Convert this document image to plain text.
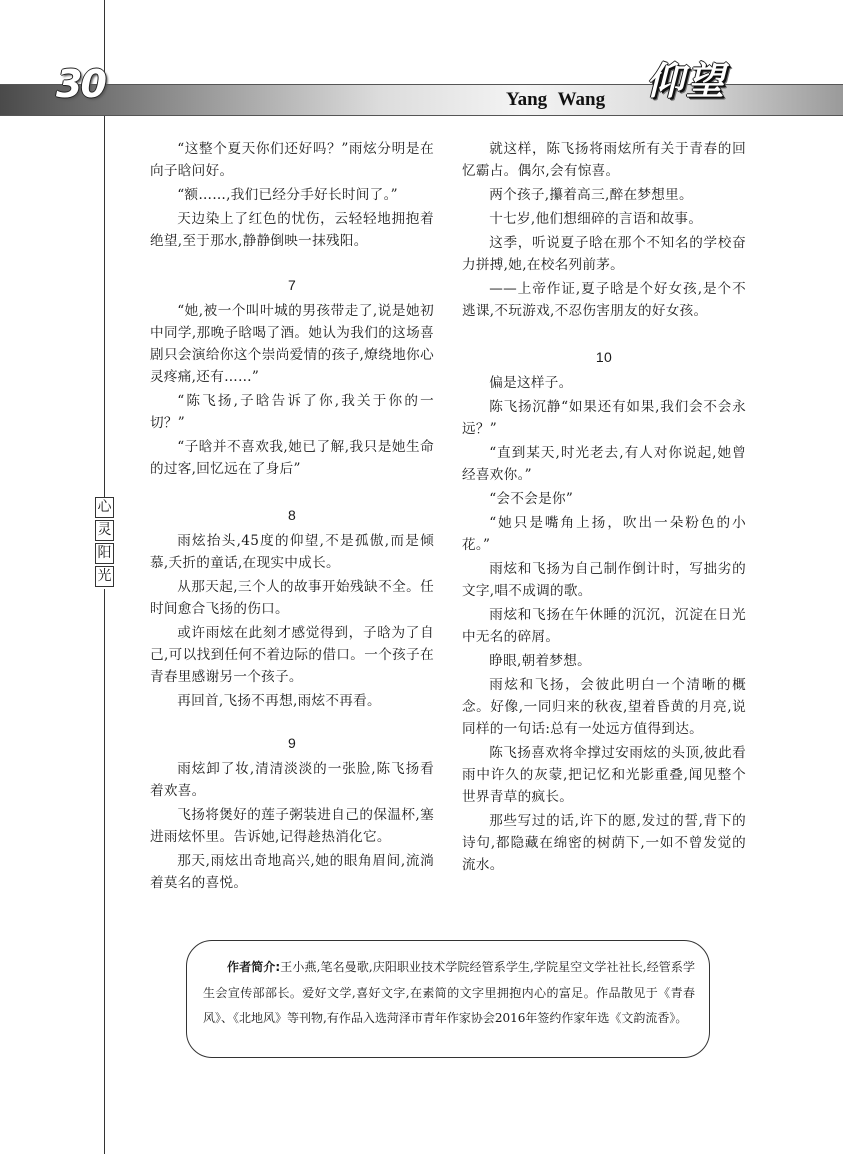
30	Yang Wang 仰望
心
灵
阳
光

“这整个夏天你们还好吗？”雨炫分明是在向子晗问好。

“额……,我们已经分手好长时间了。”

天边染上了红色的忧伤，云轻轻地拥抱着绝望,至于那水,静静倒映一抹残阳。

7

“她,被一个叫叶城的男孩带走了,说是她初中同学,那晚子晗喝了酒。她认为我们的这场喜剧只会演给你这个崇尚爱情的孩子,燎绕地你心灵疼痛,还有……”

“陈飞扬,子晗告诉了你,我关于你的一切？”

“子晗并不喜欢我,她已了解,我只是她生命的过客,回忆远在了身后”

8

雨炫抬头,45度的仰望,不是孤傲,而是倾慕,夭折的童话,在现实中成长。

从那天起,三个人的故事开始残缺不全。任时间愈合飞扬的伤口。

或许雨炫在此刻才感觉得到，子晗为了自己,可以找到任何不着边际的借口。一个孩子在青春里感谢另一个孩子。

再回首,飞扬不再想,雨炫不再看。

9

雨炫卸了妆,清清淡淡的一张脸,陈飞扬看着欢喜。

飞扬将煲好的莲子粥装进自己的保温杯,塞进雨炫怀里。告诉她,记得趁热消化它。

那天,雨炫出奇地高兴,她的眼角眉间,流淌着莫名的喜悦。

就这样，陈飞扬将雨炫所有关于青春的回忆霸占。偶尔,会有惊喜。

两个孩子,攥着高三,醉在梦想里。

十七岁,他们想细碎的言语和故事。

这季，听说夏子晗在那个不知名的学校奋力拼搏,她,在校名列前茅。

——上帝作证,夏子晗是个好女孩,是个不逃课,不玩游戏,不忍伤害朋友的好女孩。

10

偏是这样子。

陈飞扬沉静“如果还有如果,我们会不会永远？”

“直到某天,时光老去,有人对你说起,她曾经喜欢你。”

“会不会是你”

“她只是嘴角上扬，吹出一朵粉色的小花。”

雨炫和飞扬为自己制作倒计时，写拙劣的文字,唱不成调的歌。

雨炫和飞扬在午休睡的沉沉，沉淀在日光中无名的碎屑。

睁眼,朝着梦想。

雨炫和飞扬，会彼此明白一个清晰的概念。好像,一同归来的秋夜,望着昏黄的月亮,说同样的一句话:总有一处远方值得到达。

陈飞扬喜欢将伞撑过安雨炫的头顶,彼此看雨中许久的灰蒙,把记忆和光影重叠,闻见整个世界青草的疯长。

那些写过的话,许下的愿,发过的誓,背下的诗句,都隐藏在绵密的树荫下,一如不曾发觉的流水。

作者简介:王小燕,笔名曼歌,庆阳职业技术学院经管系学生,学院星空文学社社长,经管系学生会宣传部部长。爱好文学,喜好文字,在素简的文字里拥抱内心的富足。作品散见于《青春风》、《北地风》等刊物,有作品入选菏泽市青年作家协会2016年签约作家年选《文韵流香》。
